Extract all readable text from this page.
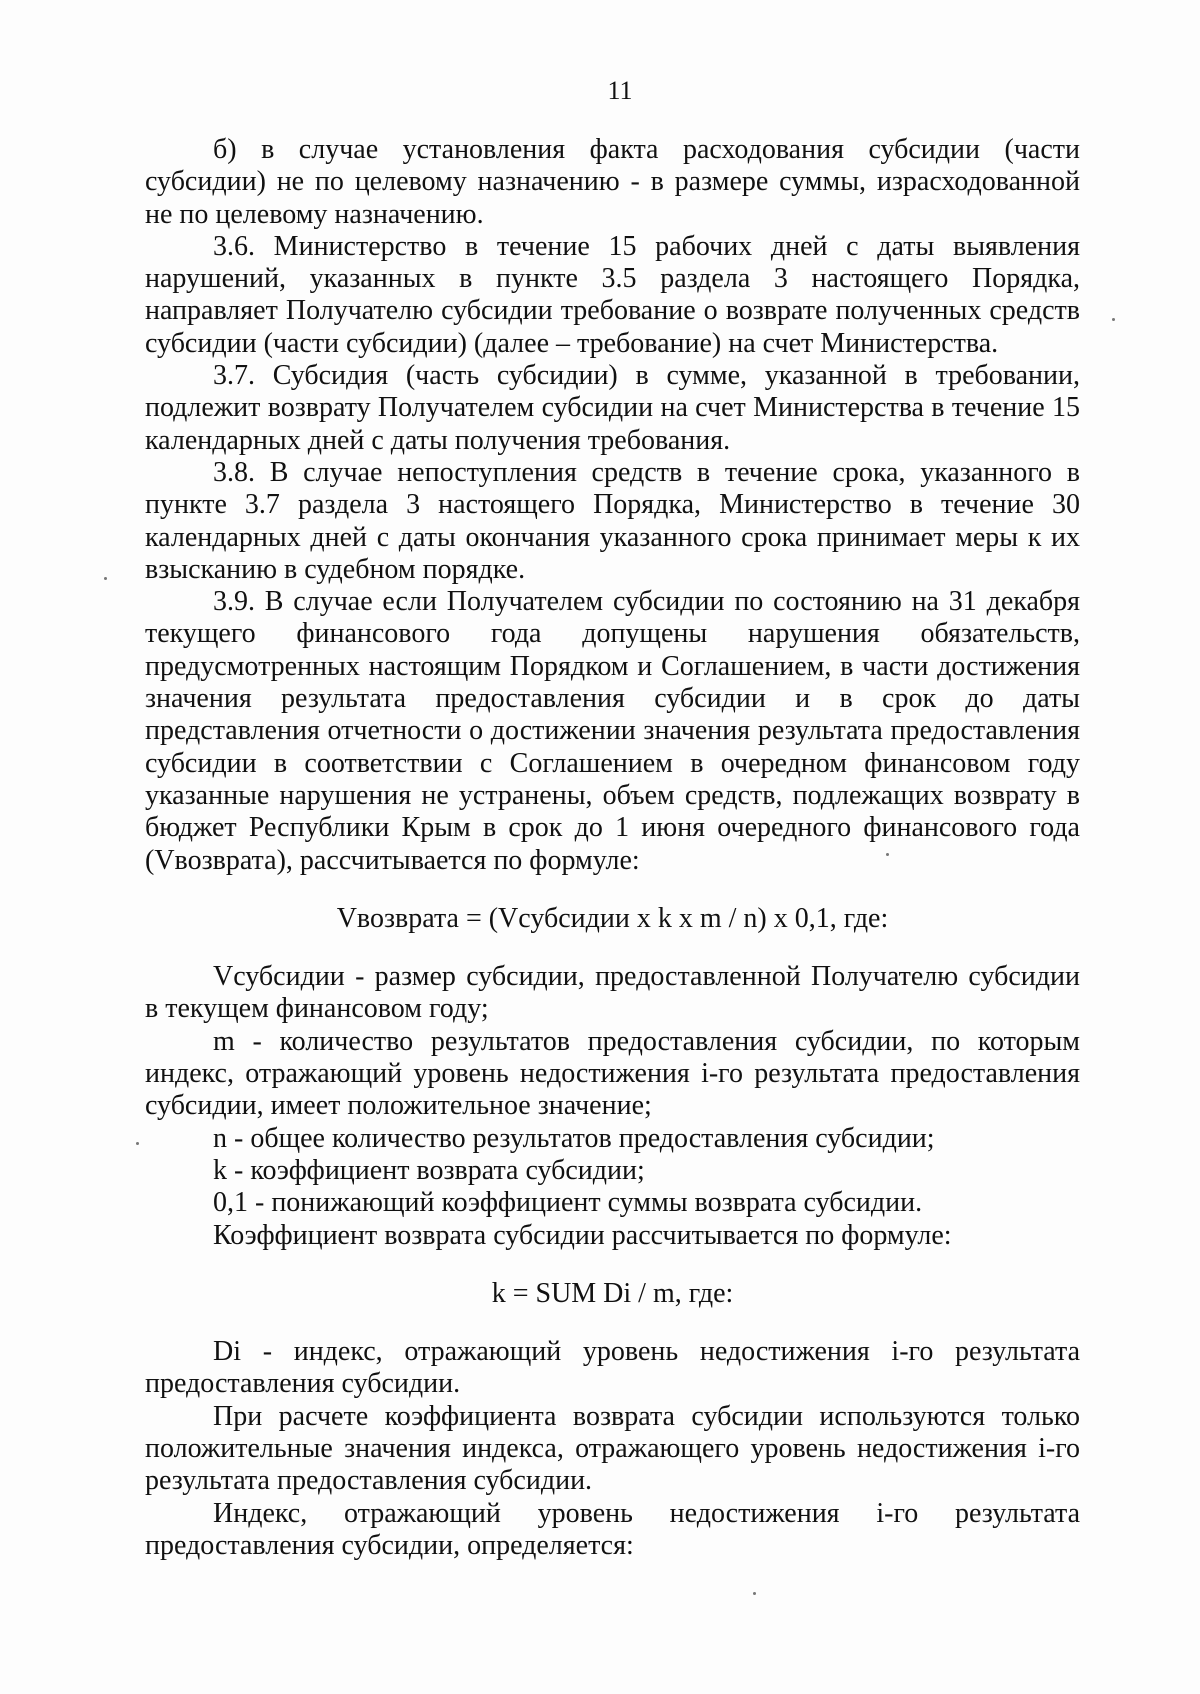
11

б) в случае установления факта расходования субсидии (части субсидии) не по целевому назначению - в размере суммы, израсходованной не по целевому назначению.

3.6. Министерство в течение 15 рабочих дней с даты выявления нарушений, указанных в пункте 3.5 раздела 3 настоящего Порядка, направляет Получателю субсидии требование о возврате полученных средств субсидии (части субсидии) (далее – требование) на счет Министерства.

3.7. Субсидия (часть субсидии) в сумме, указанной в требовании, подлежит возврату Получателем субсидии на счет Министерства в течение 15 календарных дней с даты получения требования.

3.8. В случае непоступления средств в течение срока, указанного в пункте 3.7 раздела 3 настоящего Порядка, Министерство в течение 30 календарных дней с даты окончания указанного срока принимает меры к их взысканию в судебном порядке.

3.9. В случае если Получателем субсидии по состоянию на 31 декабря текущего финансового года допущены нарушения обязательств, предусмотренных настоящим Порядком и Соглашением, в части достижения значения результата предоставления субсидии и в срок до даты представления отчетности о достижении значения результата предоставления субсидии в соответствии с Соглашением в очередном финансовом году указанные нарушения не устранены, объем средств, подлежащих возврату в бюджет Республики Крым в срок до 1 июня очередного финансового года (Vвозврата), рассчитывается по формуле:

Vвозврата = (Vсубсидии x k x m / n) x 0,1, где:

Vсубсидии - размер субсидии, предоставленной Получателю субсидии в текущем финансовом году;

m - количество результатов предоставления субсидии, по которым индекс, отражающий уровень недостижения i-го результата предоставления субсидии, имеет положительное значение;

n - общее количество результатов предоставления субсидии;

k - коэффициент возврата субсидии;

0,1 - понижающий коэффициент суммы возврата субсидии.

Коэффициент возврата субсидии рассчитывается по формуле:

k = SUM Di / m, где:

Di - индекс, отражающий уровень недостижения i-го результата предоставления субсидии.

При расчете коэффициента возврата субсидии используются только положительные значения индекса, отражающего уровень недостижения i-го результата предоставления субсидии.

Индекс, отражающий уровень недостижения i-го результата предоставления субсидии, определяется:
